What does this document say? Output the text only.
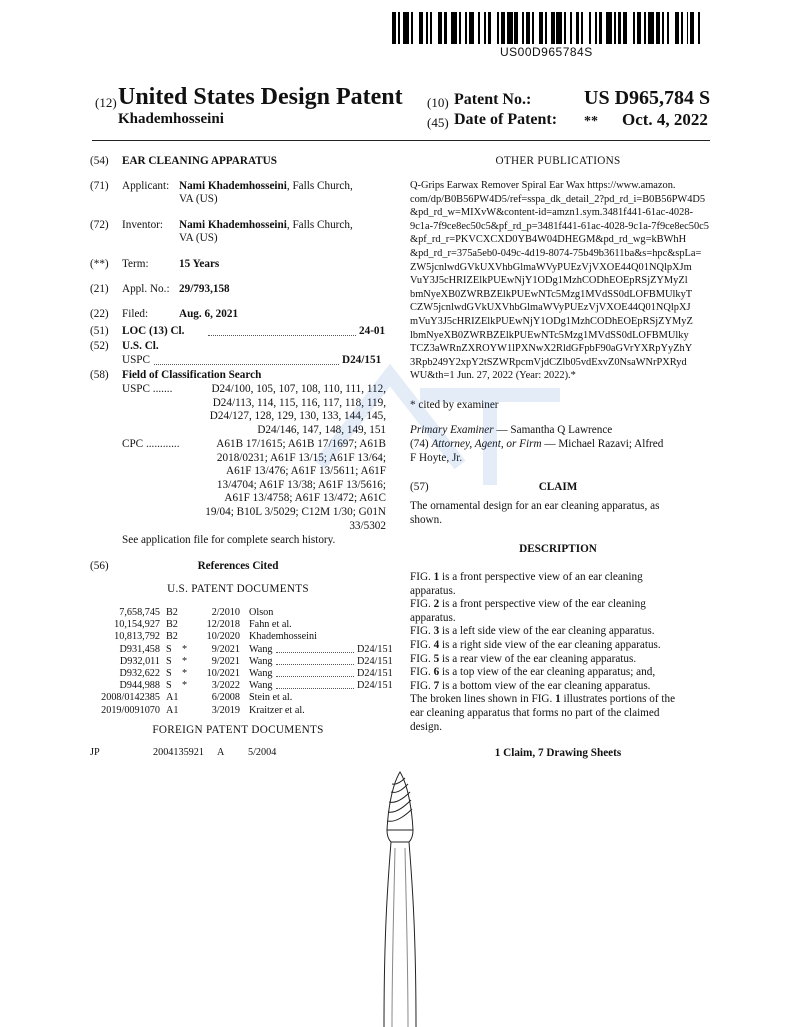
US00D965784S
(12) United States Design Patent
Khademhosseini
(10) Patent No.:	US D965,784 S
(45) Date of Patent: ** Oct. 4, 2022
(54) EAR CLEANING APPARATUS
(71) Applicant: Nami Khademhosseini, Falls Church,
VA (US)
(72) Inventor: Nami Khademhosseini, Falls Church,
VA (US)
(**) Term:	15 Years
(21) Appl. No.: 29/793,158
(22) Filed:	Aug. 6, 2021
(51) LOC (13) Cl.	24-01
(52) U.S. Cl.
USPC	D24/151
(58) Field of Classification Search
USPC .......	D24/100, 105, 107, 108, 110, 111, 112,
D24/113, 114, 115, 116, 117, 118, 119,
D24/127, 128, 129, 130, 133, 144, 145,
D24/146, 147, 148, 149, 151
CPC ............	A61B 17/1615; A61B 17/1697; A61B
2018/0231; A61F 13/15; A61F 13/64;
A61F 13/476; A61F 13/5611; A61F
13/4704; A61F 13/38; A61F 13/5616;
A61F 13/4758; A61F 13/472; A61C
19/04; B10L 3/5029; C12M 1/30; G01N
33/5302
See application file for complete search history.
(56)	References Cited
U.S. PATENT DOCUMENTS
7,658,745 B2	2/2010 Olson
10,154,927 B2	12/2018 Fahn et al.
10,813,792 B2	10/2020 Khademhosseini
D931,458 S * 9/2021 Wang	D24/151
D932,011 S * 9/2021 Wang	D24/151
D932,622 S * 10/2021 Wang	D24/151
D944,988 S * 3/2022 Wang	D24/151
2008/0142385 A1	6/2008 Stein et al.
2019/0091070 A1	3/2019 Kraitzer et al.
FOREIGN PATENT DOCUMENTS
JP	2004135921 A 5/2004
OTHER PUBLICATIONS
Q-Grips Earwax Remover Spiral Ear Wax https://www.amazon.
com/dp/B0B56PW4D5/ref=sspa_dk_detail_2?pd_rd_i=B0B56PW4D5
&pd_rd_w=MIXvW&content-id=amzn1.sym.3481f441-61ac-4028-
9c1a-7f9ce8ec50c5&pf_rd_p=3481f441-61ac-4028-9c1a-7f9ce8ec50c5
&pf_rd_r=PKVCXCXD0YB4W04DHEGM&pd_rd_wg=kBWhH
&pd_rd_r=375a5eb0-049c-4d19-8074-75b49b3611ba&s=hpc&spLa=
ZW5jcnlwdGVkUXVhbGlmaWVyPUEzVjVXOE44Q01NQlpXJm
VuY3J5cHRIZElkPUEwNjY1ODg1MzhCODhEOEpRSjZYMyZl
bmNyeXB0ZWRBZElkPUEwNTc5Mzg1MVdSS0dLOFBMUlkyT
CZW5jcnlwdGVkUXVhbGlmaWVyPUEzVjVXOE44Q01NQlpXJ
mVuY3J5cHRIZElkPUEwNjY1ODg1MzhCODhEOEpRSjZYMyZ
lbmNyeXB0ZWRBZElkPUEwNTc5Mzg1MVdSS0dLOFBMUlky
TCZ3aWRnZXROYW1lPXNwX2RldGFpbF90aGVrYXRpYyZhY
3Rpb249Y2xpY2tSZWRpcmVjdCZlb05vdExvZ0NsaWNrPXRyd
WU&th=1 Jun. 27, 2022 (Year: 2022).*
* cited by examiner
Primary Examiner — Samantha Q Lawrence
(74) Attorney, Agent, or Firm — Michael Razavi; Alfred
F Hoyte, Jr.
(57)	CLAIM
The ornamental design for an ear cleaning apparatus, as
shown.
DESCRIPTION
FIG. 1 is a front perspective view of an ear cleaning
apparatus.
FIG. 2 is a front perspective view of the ear cleaning
apparatus.
FIG. 3 is a left side view of the ear cleaning apparatus.
FIG. 4 is a right side view of the ear cleaning apparatus.
FIG. 5 is a rear view of the ear cleaning apparatus.
FIG. 6 is a top view of the ear cleaning apparatus; and,
FIG. 7 is a bottom view of the ear cleaning apparatus.
The broken lines shown in FIG. 1 illustrates portions of the
ear cleaning apparatus that forms no part of the claimed
design.
1 Claim, 7 Drawing Sheets
